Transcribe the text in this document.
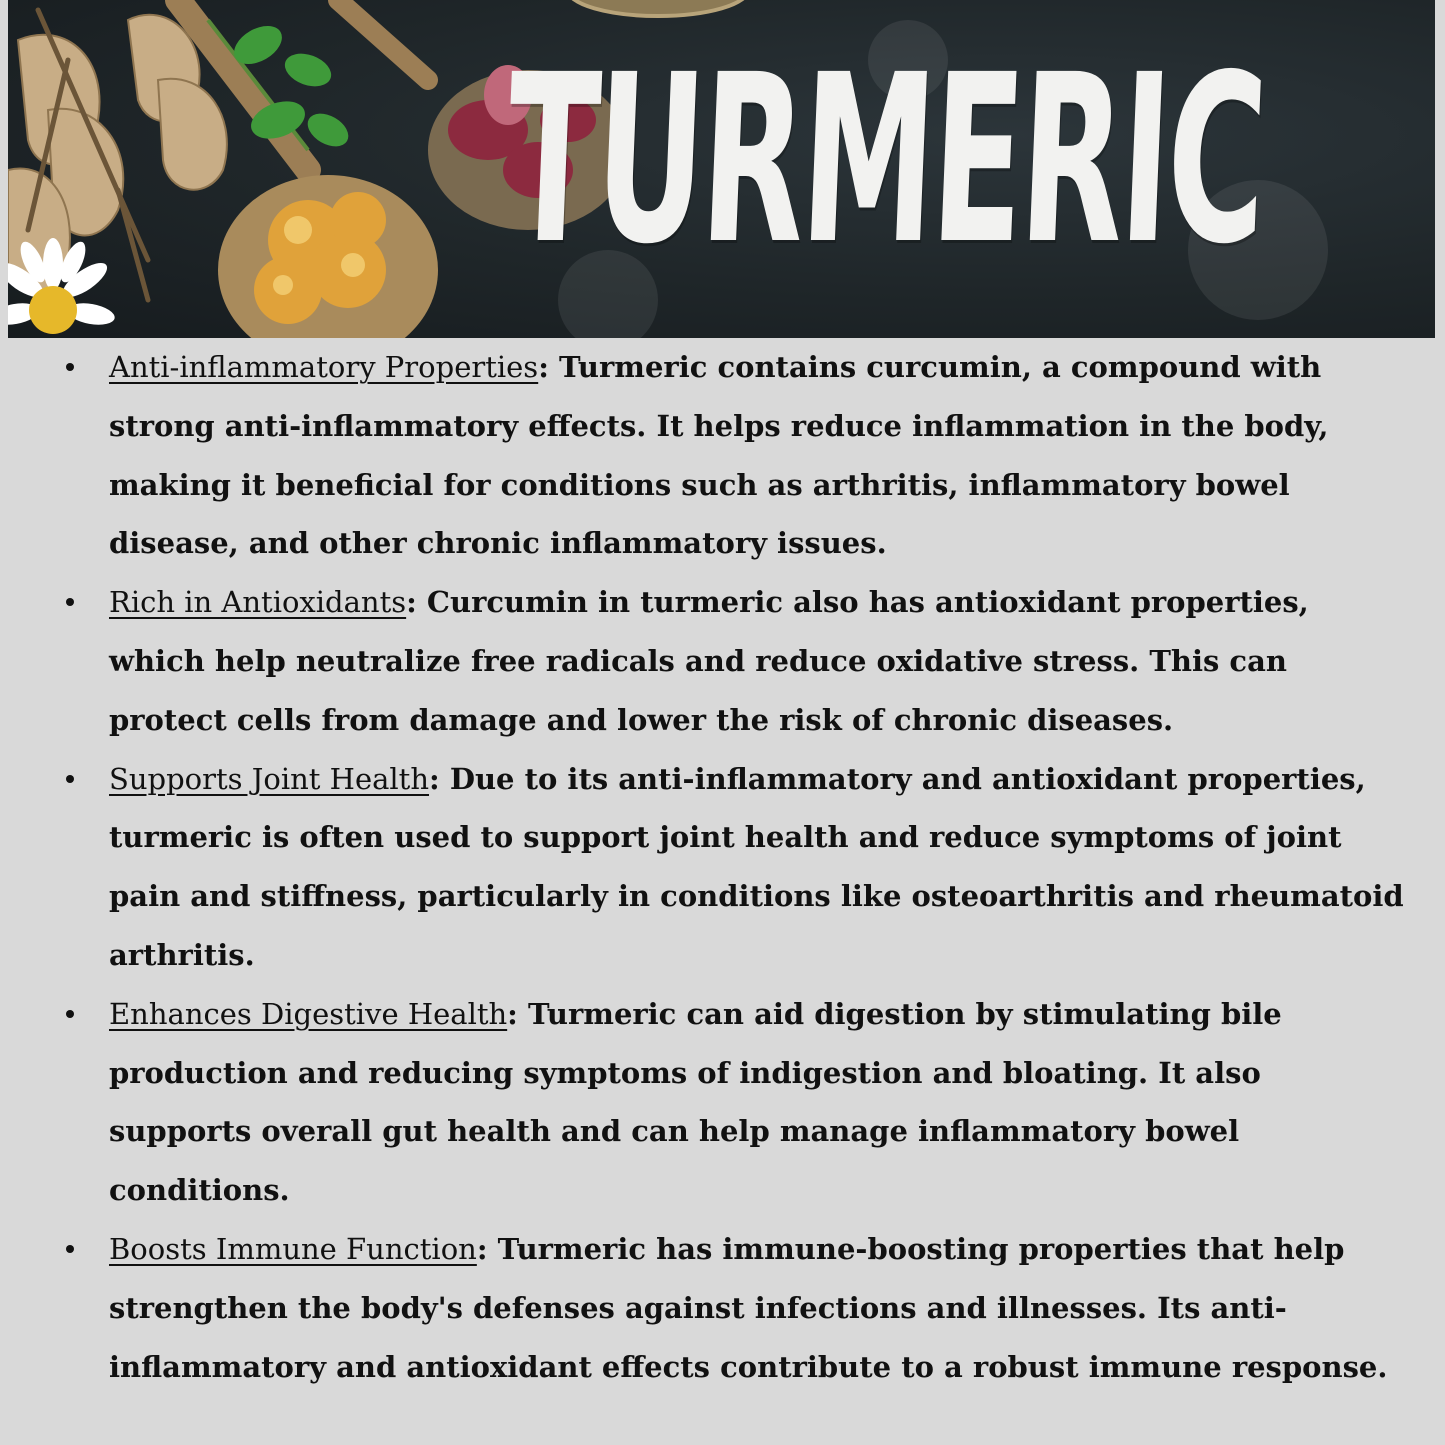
TURMERIC
Anti-inflammatory Properties: Turmeric contains curcumin, a compound with strong anti-inflammatory effects. It helps reduce inflammation in the body, making it beneficial for conditions such as arthritis, inflammatory bowel disease, and other chronic inflammatory issues.
Rich in Antioxidants: Curcumin in turmeric also has antioxidant properties, which help neutralize free radicals and reduce oxidative stress. This can protect cells from damage and lower the risk of chronic diseases.
Supports Joint Health: Due to its anti-inflammatory and antioxidant properties, turmeric is often used to support joint health and reduce symptoms of joint pain and stiffness, particularly in conditions like osteoarthritis and rheumatoid arthritis.
Enhances Digestive Health: Turmeric can aid digestion by stimulating bile production and reducing symptoms of indigestion and bloating. It also supports overall gut health and can help manage inflammatory bowel conditions.
Boosts Immune Function: Turmeric has immune-boosting properties that help strengthen the body's defenses against infections and illnesses. Its anti-inflammatory and antioxidant effects contribute to a robust immune response.
